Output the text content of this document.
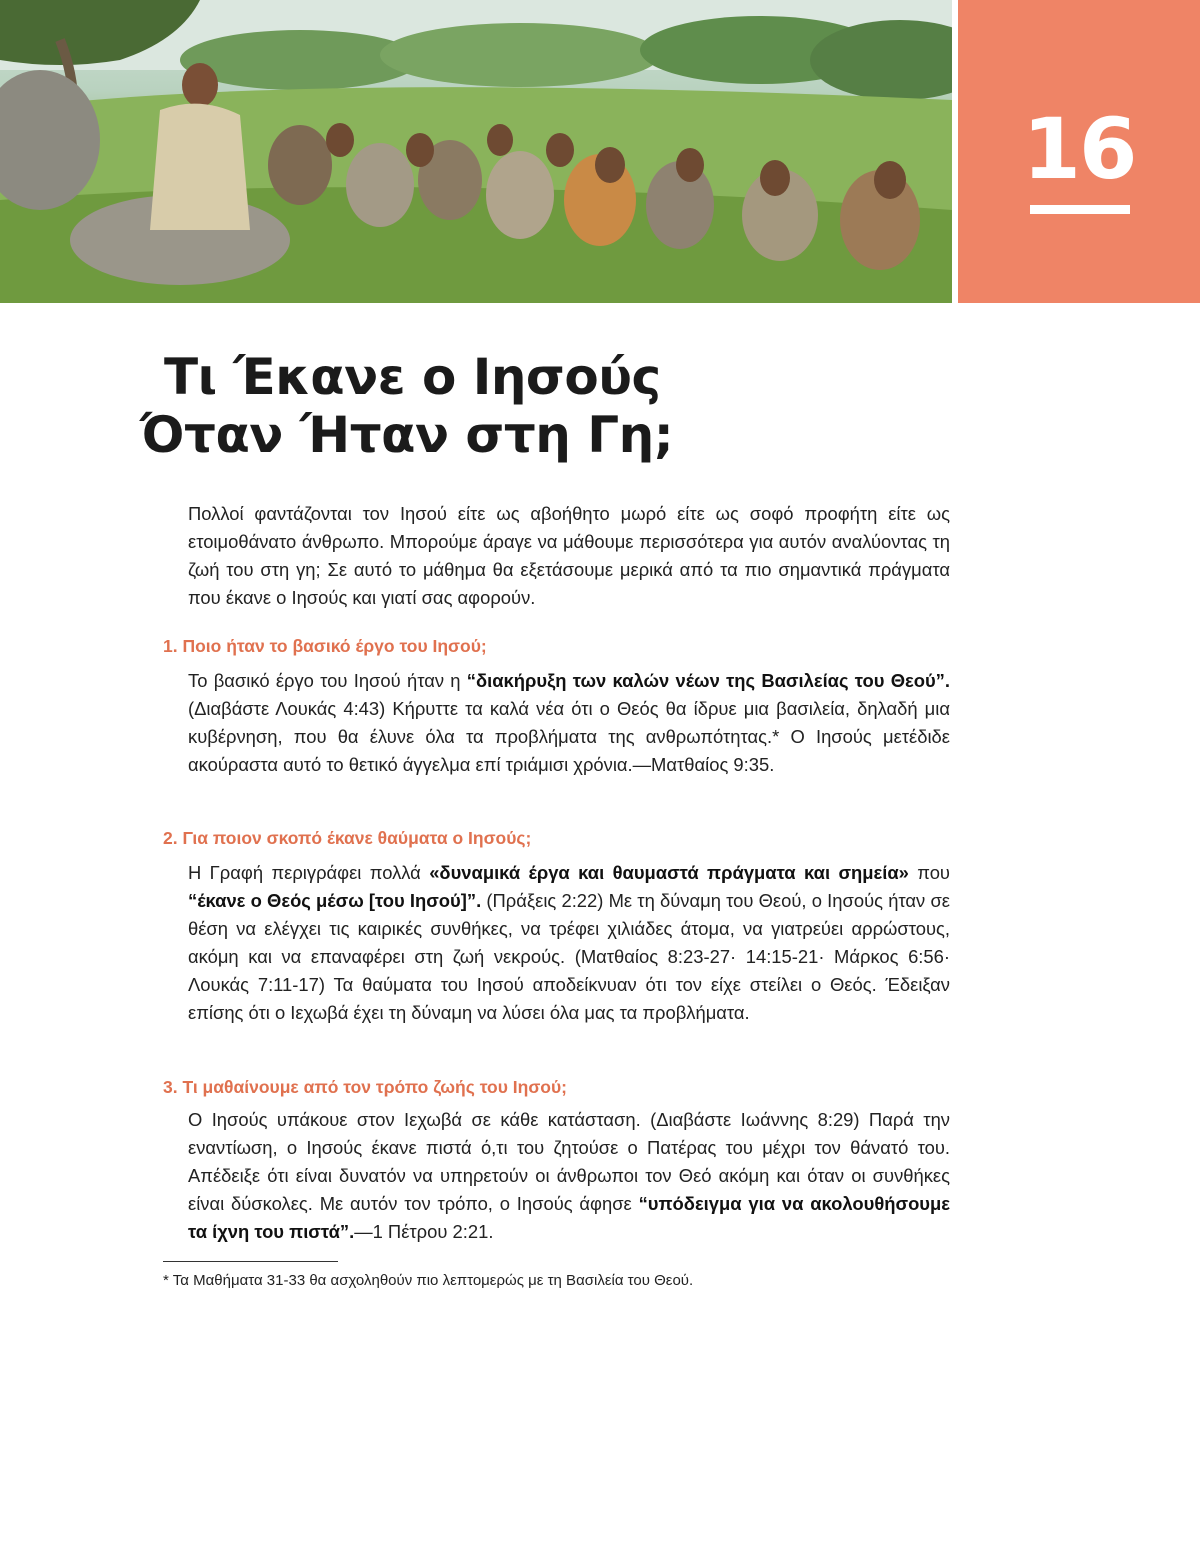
16
Τι Έκανε ο Ιησούς
Όταν Ήταν στη Γη;

Πολλοί φαντάζονται τον Ιησού είτε ως αβοήθητο μωρό είτε ως σοφό προφήτη είτε ως ετοιμοθάνατο άνθρωπο. Μπορούμε άραγε να μάθουμε περισσότερα για αυτόν αναλύοντας τη ζωή του στη γη; Σε αυτό το μάθημα θα εξετάσουμε μερικά από τα πιο σημαντικά πράγματα που έκανε ο Ιησούς και γιατί σας αφορούν.

1. Ποιο ήταν το βασικό έργο του Ιησού;

Το βασικό έργο του Ιησού ήταν η “διακήρυξη των καλών νέων της Βασιλείας του Θεού”. (Διαβάστε Λουκάς 4:43) Κήρυττε τα καλά νέα ότι ο Θεός θα ίδρυε μια βασιλεία, δηλαδή μια κυβέρνηση, που θα έλυνε όλα τα προβλήματα της ανθρωπότητας.* Ο Ιησούς μετέδιδε ακούραστα αυτό το θετικό άγγελμα επί τριάμισι χρόνια.—Ματθαίος 9:35.

2. Για ποιον σκοπό έκανε θαύματα ο Ιησούς;

Η Γραφή περιγράφει πολλά «δυναμικά έργα και θαυμαστά πράγματα και σημεία» που “έκανε ο Θεός μέσω [του Ιησού]”. (Πράξεις 2:22) Με τη δύναμη του Θεού, ο Ιησούς ήταν σε θέση να ελέγχει τις καιρικές συνθήκες, να τρέφει χιλιάδες άτομα, να γιατρεύει αρρώστους, ακόμη και να επαναφέρει στη ζωή νεκρούς. (Ματθαίος 8:23-27· 14:15-21· Μάρκος 6:56· Λουκάς 7:11-17) Τα θαύματα του Ιησού αποδείκνυαν ότι τον είχε στείλει ο Θεός. Έδειξαν επίσης ότι ο Ιεχωβά έχει τη δύναμη να λύσει όλα μας τα προβλήματα.

3. Τι μαθαίνουμε από τον τρόπο ζωής του Ιησού;

Ο Ιησούς υπάκουε στον Ιεχωβά σε κάθε κατάσταση. (Διαβάστε Ιωάννης 8:29) Παρά την εναντίωση, ο Ιησούς έκανε πιστά ό,τι του ζητούσε ο Πατέρας του μέχρι τον θάνατό του. Απέδειξε ότι είναι δυνατόν να υπηρετούν οι άνθρωποι τον Θεό ακόμη και όταν οι συνθήκες είναι δύσκολες. Με αυτόν τον τρόπο, ο Ιησούς άφησε “υπόδειγμα για να ακολουθήσουμε τα ίχνη του πιστά”.—1 Πέτρου 2:21.

* Τα Μαθήματα 31-33 θα ασχοληθούν πιο λεπτομερώς με τη Βασιλεία του Θεού.
